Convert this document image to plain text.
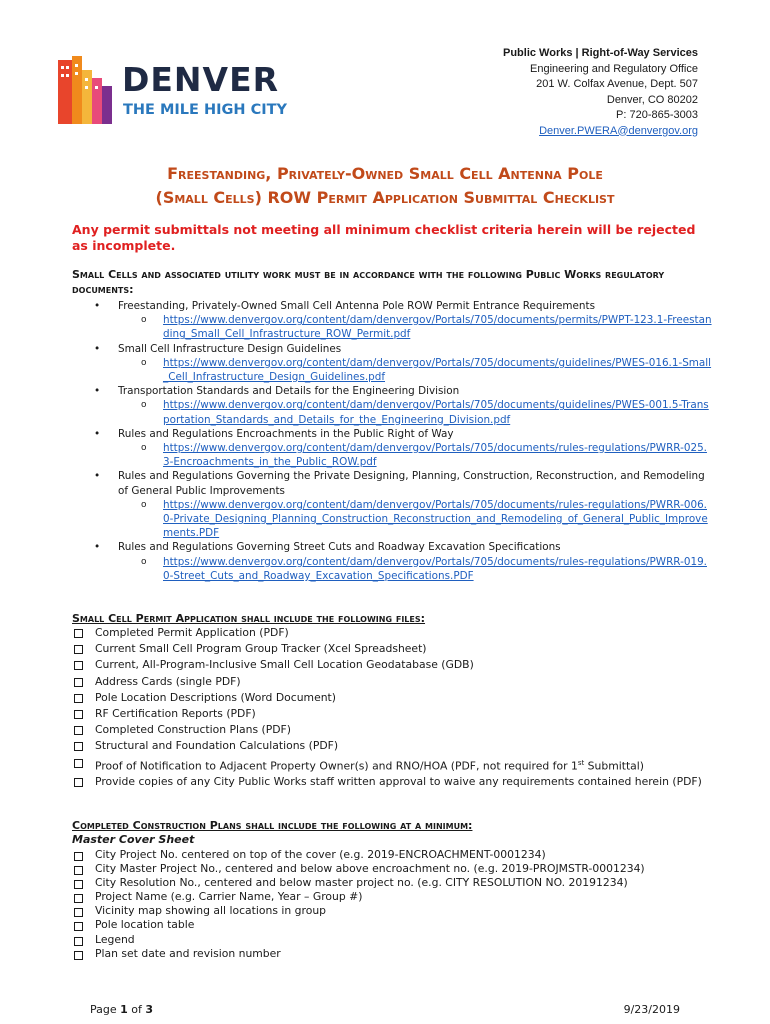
DENVER
THE MILE HIGH CITY
Public Works | Right-of-Way Services
Engineering and Regulatory Office
201 W. Colfax Avenue, Dept. 507
Denver, CO 80202
P: 720-865-3003
Denver.PWERA@denvergov.org
Freestanding, Privately-Owned Small Cell Antenna Pole
(Small Cells) ROW Permit Application Submittal Checklist
Any permit submittals not meeting all minimum checklist criteria herein will be rejected as incomplete.
Small Cells and associated utility work must be in accordance with the following Public Works regulatory documents:
• Freestanding, Privately-Owned Small Cell Antenna Pole ROW Permit Entrance Requirements
o https://www.denvergov.org/content/dam/denvergov/Portals/705/documents/permits/PWPT-123.1-Freestanding_Small_Cell_Infrastructure_ROW_Permit.pdf
• Small Cell Infrastructure Design Guidelines
o https://www.denvergov.org/content/dam/denvergov/Portals/705/documents/guidelines/PWES-016.1-Small_Cell_Infrastructure_Design_Guidelines.pdf
• Transportation Standards and Details for the Engineering Division
o https://www.denvergov.org/content/dam/denvergov/Portals/705/documents/guidelines/PWES-001.5-Transportation_Standards_and_Details_for_the_Engineering_Division.pdf
• Rules and Regulations Encroachments in the Public Right of Way
o https://www.denvergov.org/content/dam/denvergov/Portals/705/documents/rules-regulations/PWRR-025.3-Encroachments_in_the_Public_ROW.pdf
• Rules and Regulations Governing the Private Designing, Planning, Construction, Reconstruction, and Remodeling of General Public Improvements
o https://www.denvergov.org/content/dam/denvergov/Portals/705/documents/rules-regulations/PWRR-006.0-Private_Designing_Planning_Construction_Reconstruction_and_Remodeling_of_General_Public_Improvements.PDF
• Rules and Regulations Governing Street Cuts and Roadway Excavation Specifications
o https://www.denvergov.org/content/dam/denvergov/Portals/705/documents/rules-regulations/PWRR-019.0-Street_Cuts_and_Roadway_Excavation_Specifications.PDF
Small Cell Permit Application shall include the following files:
Completed Permit Application (PDF)
Current Small Cell Program Group Tracker (Xcel Spreadsheet)
Current, All-Program-Inclusive Small Cell Location Geodatabase (GDB)
Address Cards (single PDF)
Pole Location Descriptions (Word Document)
RF Certification Reports (PDF)
Completed Construction Plans (PDF)
Structural and Foundation Calculations (PDF)
Proof of Notification to Adjacent Property Owner(s) and RNO/HOA (PDF, not required for 1st Submittal)
Provide copies of any City Public Works staff written approval to waive any requirements contained herein (PDF)
Completed Construction Plans shall include the following at a minimum:
Master Cover Sheet
City Project No. centered on top of the cover (e.g. 2019-ENCROACHMENT-0001234)
City Master Project No., centered and below above encroachment no. (e.g. 2019-PROJMSTR-0001234)
City Resolution No., centered and below master project no. (e.g. CITY RESOLUTION NO. 20191234)
Project Name (e.g. Carrier Name, Year – Group #)
Vicinity map showing all locations in group
Pole location table
Legend
Plan set date and revision number
Page 1 of 3	9/23/2019
